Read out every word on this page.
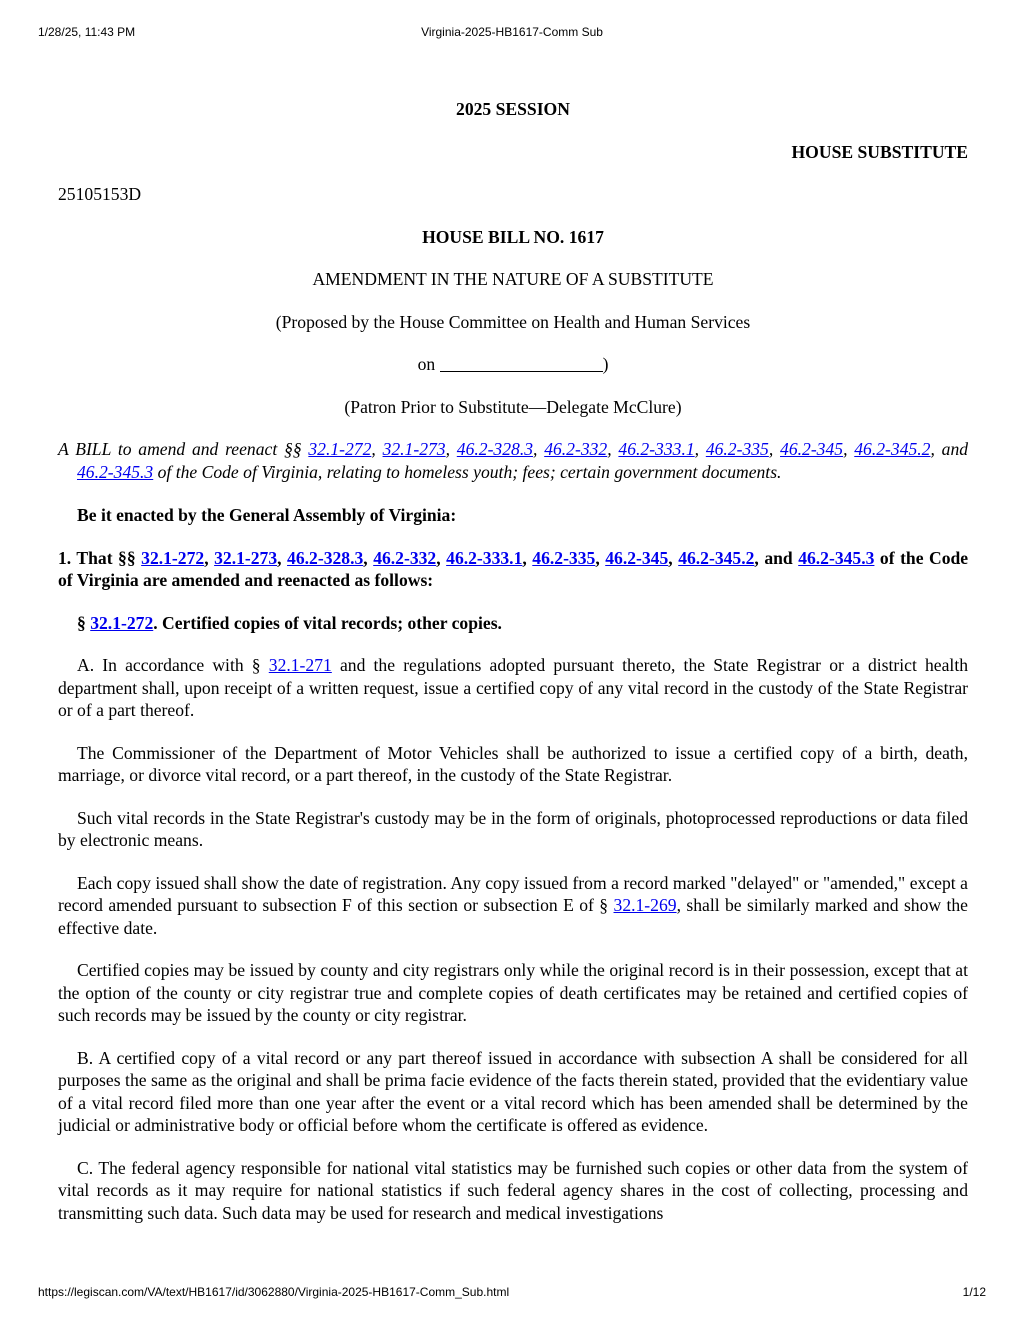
1/28/25, 11:43 PM	Virginia-2025-HB1617-Comm Sub

2025 SESSION

HOUSE SUBSTITUTE

25105153D

HOUSE BILL NO. 1617

AMENDMENT IN THE NATURE OF A SUBSTITUTE

(Proposed by the House Committee on Health and Human Services

on	)

(Patron Prior to Substitute—Delegate McClure)

A BILL to amend and reenact §§ 32.1-272, 32.1-273, 46.2-328.3, 46.2-332, 46.2-333.1, 46.2-335, 46.2-345, 46.2-345.2, and 46.2-345.3 of the Code of Virginia, relating to homeless youth; fees; certain government documents.

Be it enacted by the General Assembly of Virginia:

1. That §§ 32.1-272, 32.1-273, 46.2-328.3, 46.2-332, 46.2-333.1, 46.2-335, 46.2-345, 46.2-345.2, and 46.2-345.3 of the Code of Virginia are amended and reenacted as follows:

§ 32.1-272. Certified copies of vital records; other copies.

A. In accordance with § 32.1-271 and the regulations adopted pursuant thereto, the State Registrar or a district health department shall, upon receipt of a written request, issue a certified copy of any vital record in the custody of the State Registrar or of a part thereof.

The Commissioner of the Department of Motor Vehicles shall be authorized to issue a certified copy of a birth, death, marriage, or divorce vital record, or a part thereof, in the custody of the State Registrar.

Such vital records in the State Registrar's custody may be in the form of originals, photoprocessed reproductions or data filed by electronic means.

Each copy issued shall show the date of registration. Any copy issued from a record marked "delayed" or "amended," except a record amended pursuant to subsection F of this section or subsection E of § 32.1-269, shall be similarly marked and show the effective date.

Certified copies may be issued by county and city registrars only while the original record is in their possession, except that at the option of the county or city registrar true and complete copies of death certificates may be retained and certified copies of such records may be issued by the county or city registrar.

B. A certified copy of a vital record or any part thereof issued in accordance with subsection A shall be considered for all purposes the same as the original and shall be prima facie evidence of the facts therein stated, provided that the evidentiary value of a vital record filed more than one year after the event or a vital record which has been amended shall be determined by the judicial or administrative body or official before whom the certificate is offered as evidence.

C. The federal agency responsible for national vital statistics may be furnished such copies or other data from the system of vital records as it may require for national statistics if such federal agency shares in the cost of collecting, processing and transmitting such data. Such data may be used for research and medical investigations

https://legiscan.com/VA/text/HB1617/id/3062880/Virginia-2025-HB1617-Comm_Sub.html	1/12
